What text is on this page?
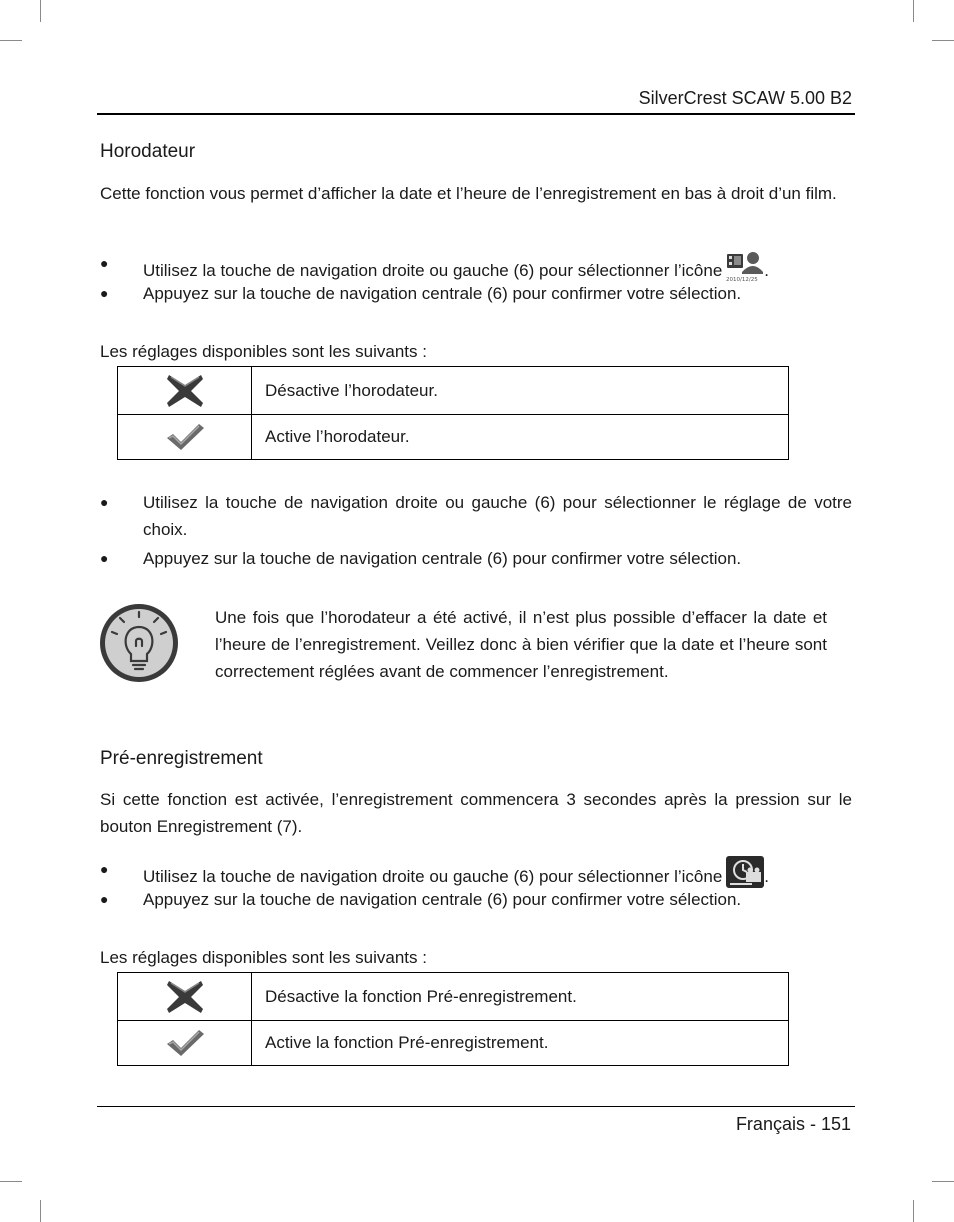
SilverCrest SCAW 5.00 B2
Horodateur
Cette fonction vous permet d’afficher la date et l’heure de l’enregistrement en bas à droit d’un film.
● Utilisez la touche de navigation droite ou gauche (6) pour sélectionner l’icône 2010/12/25 .
● Appuyez sur la touche de navigation centrale (6) pour confirmer votre sélection.
Les réglages disponibles sont les suivants :
	Désactive l’horodateur.

	Active l’horodateur.
● Utilisez la touche de navigation droite ou gauche (6) pour sélectionner le réglage de votre choix.
● Appuyez sur la touche de navigation centrale (6) pour confirmer votre sélection.
Une fois que l’horodateur a été activé, il n’est plus possible d’effacer la date et l’heure de l’enregistrement. Veillez donc à bien vérifier que la date et l’heure sont correctement réglées avant de commencer l’enregistrement.
Pré-enregistrement
Si cette fonction est activée, l’enregistrement commencera 3 secondes après la pression sur le bouton Enregistrement (7).
● Utilisez la touche de navigation droite ou gauche (6) pour sélectionner l’icône .
● Appuyez sur la touche de navigation centrale (6) pour confirmer votre sélection.
Les réglages disponibles sont les suivants :
	Désactive la fonction Pré-enregistrement.

	Active la fonction Pré-enregistrement.
Français - 151
